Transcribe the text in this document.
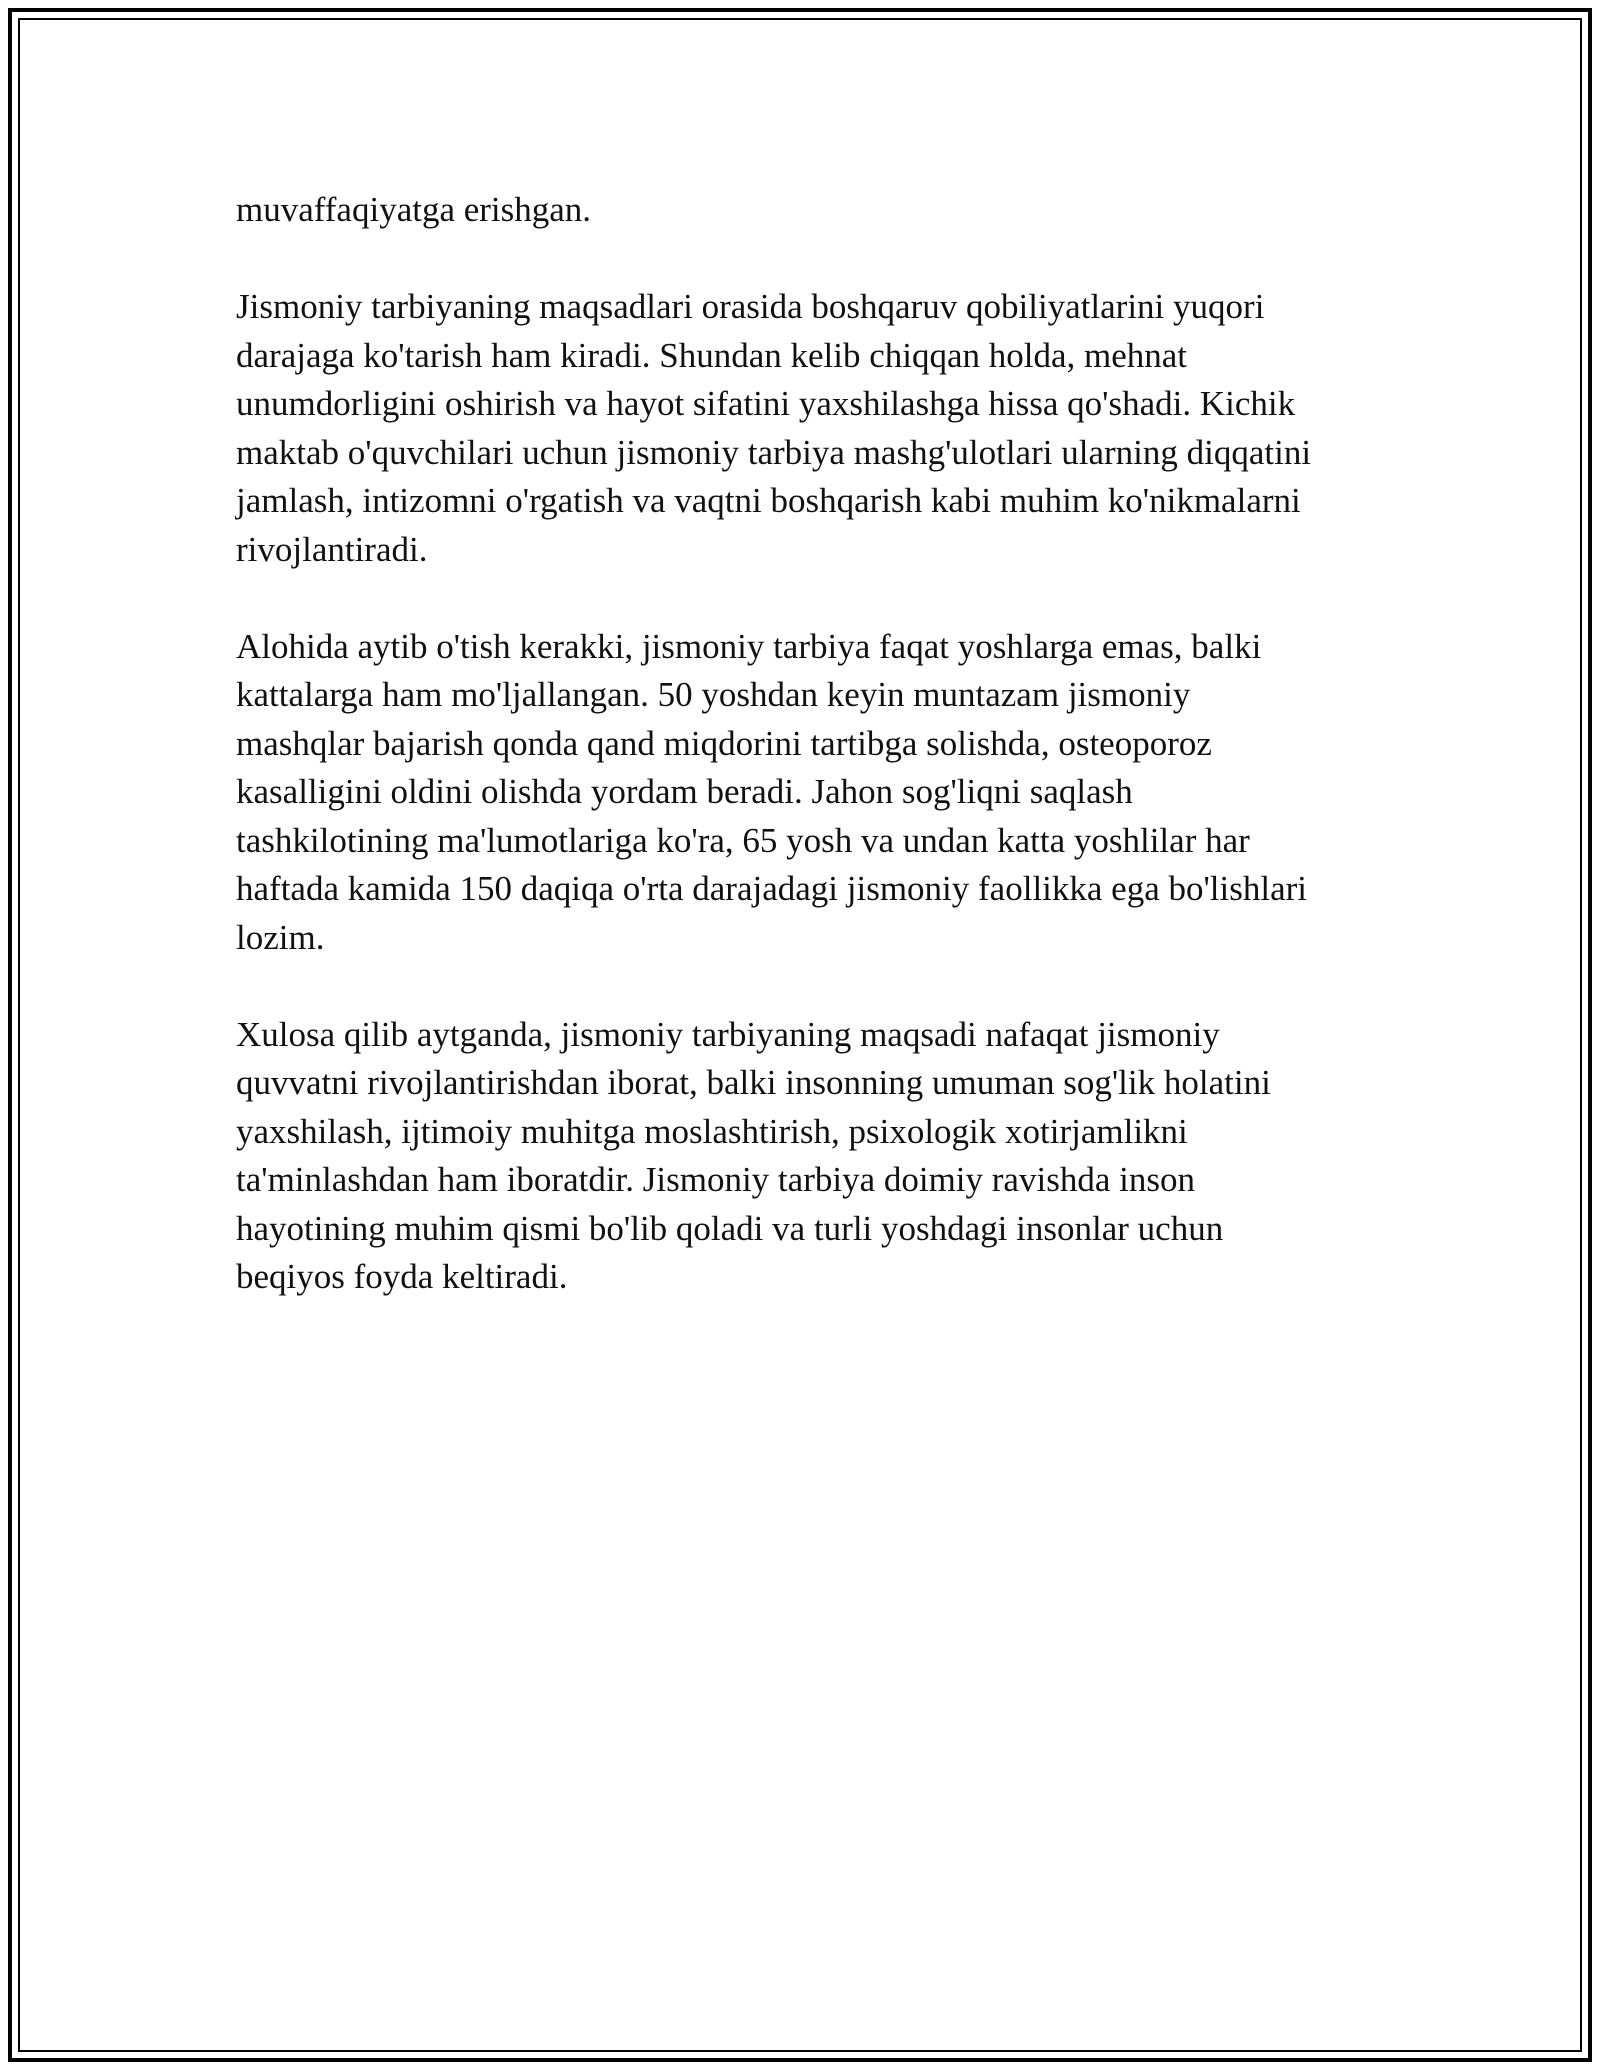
muvaffaqiyatga erishgan.

Jismoniy tarbiyaning maqsadlari orasida boshqaruv qobiliyatlarini yuqori
darajaga ko'tarish ham kiradi. Shundan kelib chiqqan holda, mehnat
unumdorligini oshirish va hayot sifatini yaxshilashga hissa qo'shadi. Kichik
maktab o'quvchilari uchun jismoniy tarbiya mashg'ulotlari ularning diqqatini
jamlash, intizomni o'rgatish va vaqtni boshqarish kabi muhim ko'nikmalarni
rivojlantiradi.

Alohida aytib o'tish kerakki, jismoniy tarbiya faqat yoshlarga emas, balki
kattalarga ham mo'ljallangan. 50 yoshdan keyin muntazam jismoniy
mashqlar bajarish qonda qand miqdorini tartibga solishda, osteoporoz
kasalligini oldini olishda yordam beradi. Jahon sog'liqni saqlash
tashkilotining ma'lumotlariga ko'ra, 65 yosh va undan katta yoshlilar har
haftada kamida 150 daqiqa o'rta darajadagi jismoniy faollikka ega bo'lishlari
lozim.

Xulosa qilib aytganda, jismoniy tarbiyaning maqsadi nafaqat jismoniy
quvvatni rivojlantirishdan iborat, balki insonning umuman sog'lik holatini
yaxshilash, ijtimoiy muhitga moslashtirish, psixologik xotirjamlikni
ta'minlashdan ham iboratdir. Jismoniy tarbiya doimiy ravishda inson
hayotining muhim qismi bo'lib qoladi va turli yoshdagi insonlar uchun
beqiyos foyda keltiradi.
